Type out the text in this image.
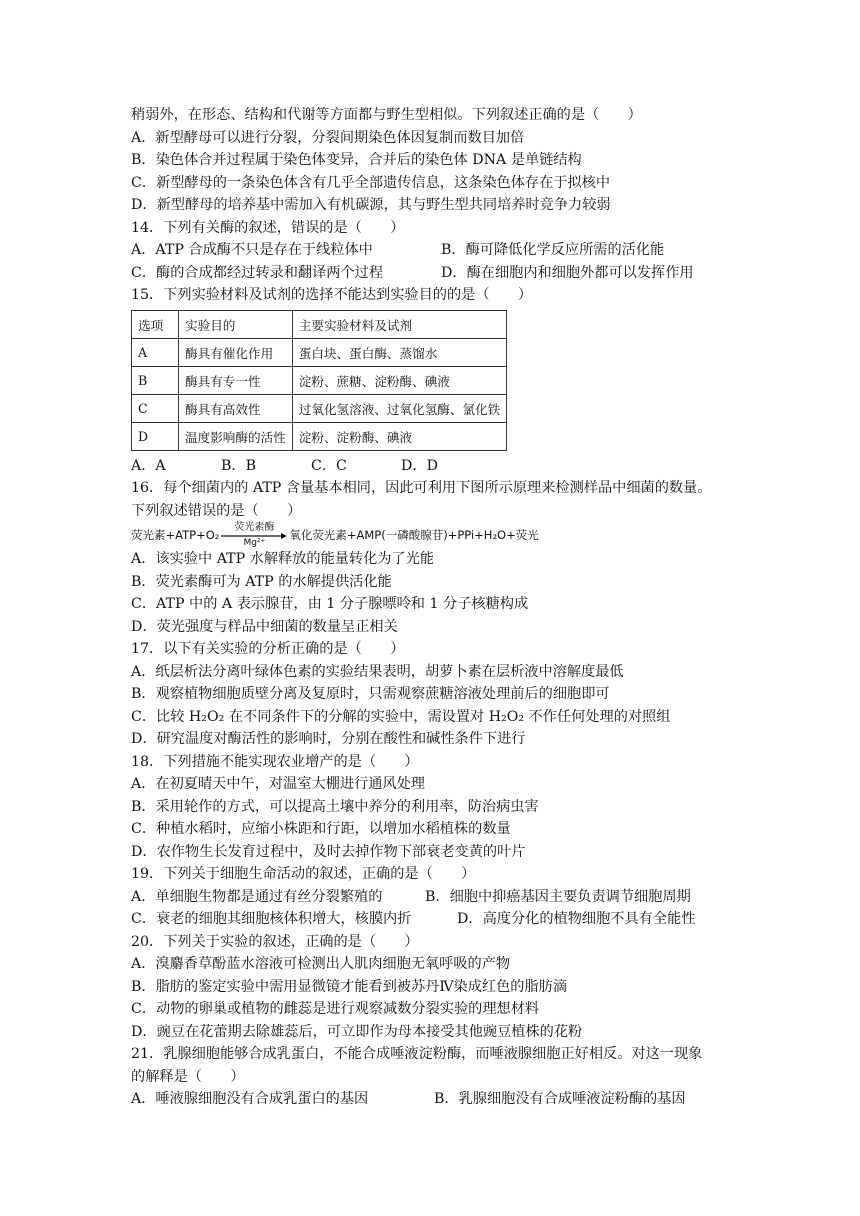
稍弱外，在形态、结构和代谢等方面都与野生型相似。下列叙述正确的是（　　）
A．新型酵母可以进行分裂，分裂间期染色体因复制而数目加倍
B．染色体合并过程属于染色体变异，合并后的染色体 DNA 是单链结构
C．新型酵母的一条染色体含有几乎全部遗传信息，这条染色体存在于拟核中
D．新型酵母的培养基中需加入有机碳源，其与野生型共同培养时竞争力较弱
14．下列有关酶的叙述，错误的是（　　）
A．ATP 合成酶不只是存在于线粒体中	B．酶可降低化学反应所需的活化能
C．酶的合成都经过转录和翻译两个过程	D．酶在细胞内和细胞外都可以发挥作用
15．下列实验材料及试剂的选择不能达到实验目的的是（　　）
选项	实验目的	主要实验材料及试剂
A	酶具有催化作用	蛋白块、蛋白酶、蒸馏水
B	酶具有专一性	淀粉、蔗糖、淀粉酶、碘液
C	酶具有高效性	过氧化氢溶液、过氧化氢酶、氯化铁
D	温度影响酶的活性	淀粉、淀粉酶、碘液
A．A	B．B	C．C	D．D
16．每个细菌内的 ATP 含量基本相同，因此可利用下图所示原理来检测样品中细菌的数量。
下列叙述错误的是（　　）
荧光素+ATP+O₂
荧光素酶
Mg²⁺
氧化荧光素+AMP(一磷酸腺苷)+PPi+H₂O+荧光
A．该实验中 ATP 水解释放的能量转化为了光能
B．荧光素酶可为 ATP 的水解提供活化能
C．ATP 中的 A 表示腺苷，由 1 分子腺嘌呤和 1 分子核糖构成
D．荧光强度与样品中细菌的数量呈正相关
17．以下有关实验的分析正确的是（　　）
A．纸层析法分离叶绿体色素的实验结果表明，胡萝卜素在层析液中溶解度最低
B．观察植物细胞质壁分离及复原时，只需观察蔗糖溶液处理前后的细胞即可
C．比较 H₂O₂ 在不同条件下的分解的实验中，需设置对 H₂O₂ 不作任何处理的对照组
D．研究温度对酶活性的影响时，分别在酸性和碱性条件下进行
18．下列措施不能实现农业增产的是（　　）
A．在初夏晴天中午，对温室大棚进行通风处理
B．采用轮作的方式，可以提高土壤中养分的利用率，防治病虫害
C．种植水稻时，应缩小株距和行距，以增加水稻植株的数量
D．农作物生长发育过程中，及时去掉作物下部衰老变黄的叶片
19．下列关于细胞生命活动的叙述，正确的是（　　）
A．单细胞生物都是通过有丝分裂繁殖的	B．细胞中抑癌基因主要负责调节细胞周期
C．衰老的细胞其细胞核体积增大，核膜内折	D．高度分化的植物细胞不具有全能性
20．下列关于实验的叙述，正确的是（　　）
A．溴麝香草酚蓝水溶液可检测出人肌肉细胞无氧呼吸的产物
B．脂肪的鉴定实验中需用显微镜才能看到被苏丹Ⅳ染成红色的脂肪滴
C．动物的卵巢或植物的雌蕊是进行观察减数分裂实验的理想材料
D．豌豆在花蕾期去除雄蕊后，可立即作为母本接受其他豌豆植株的花粉
21．乳腺细胞能够合成乳蛋白，不能合成唾液淀粉酶，而唾液腺细胞正好相反。对这一现象
的解释是（　　）
A．唾液腺细胞没有合成乳蛋白的基因	B．乳腺细胞没有合成唾液淀粉酶的基因
